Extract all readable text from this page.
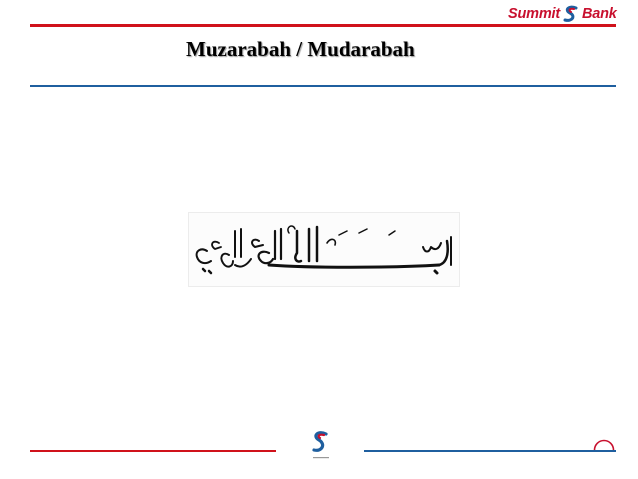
Summit Bank
Muzarabah / Mudarabah
